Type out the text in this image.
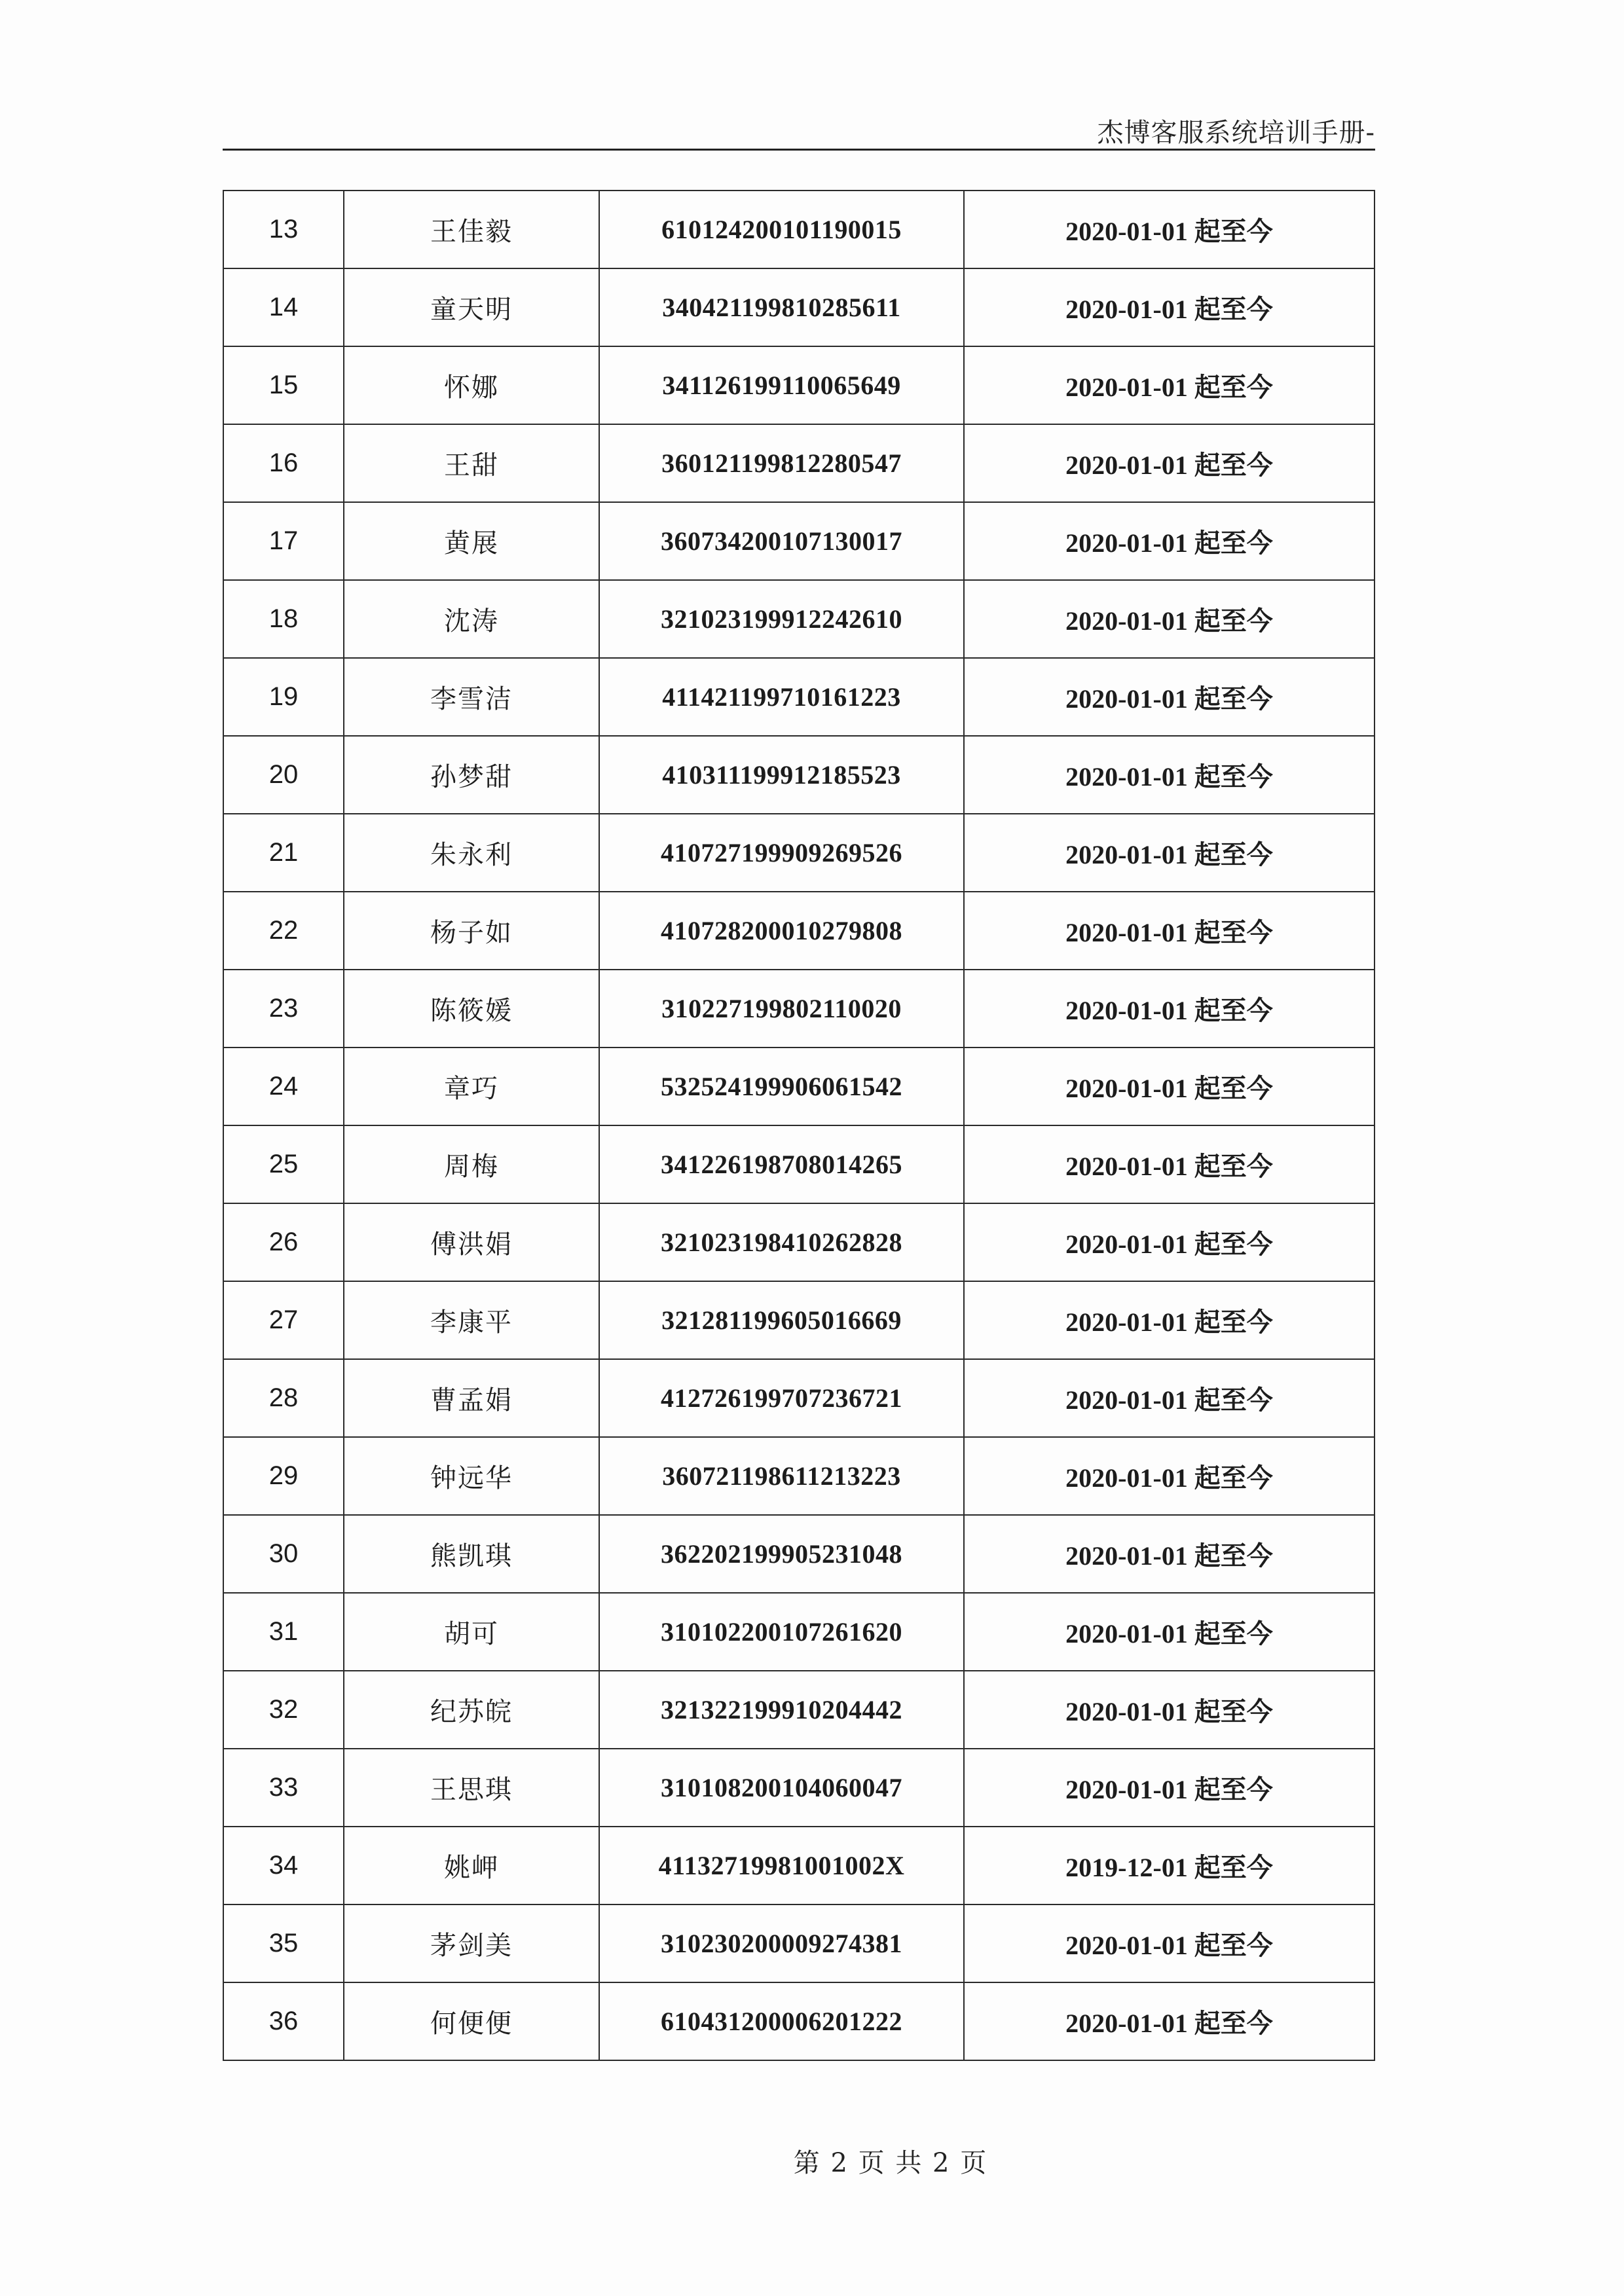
杰博客服系统培训手册-
13	王佳毅	610124200101190015	2020-01-01 起至今
14	童天明	340421199810285611	2020-01-01 起至今
15	怀娜	341126199110065649	2020-01-01 起至今
16	王甜	360121199812280547	2020-01-01 起至今
17	黄展	360734200107130017	2020-01-01 起至今
18	沈涛	321023199912242610	2020-01-01 起至今
19	李雪洁	411421199710161223	2020-01-01 起至今
20	孙梦甜	410311199912185523	2020-01-01 起至今
21	朱永利	410727199909269526	2020-01-01 起至今
22	杨子如	410728200010279808	2020-01-01 起至今
23	陈筱媛	310227199802110020	2020-01-01 起至今
24	章巧	532524199906061542	2020-01-01 起至今
25	周梅	341226198708014265	2020-01-01 起至今
26	傅洪娟	321023198410262828	2020-01-01 起至今
27	李康平	321281199605016669	2020-01-01 起至今
28	曹孟娟	412726199707236721	2020-01-01 起至今
29	钟远华	360721198611213223	2020-01-01 起至今
30	熊凯琪	362202199905231048	2020-01-01 起至今
31	胡可	310102200107261620	2020-01-01 起至今
32	纪苏皖	321322199910204442	2020-01-01 起至今
33	王思琪	310108200104060047	2020-01-01 起至今
34	姚岬	41132719981001002X	2019-12-01 起至今
35	茅剑美	310230200009274381	2020-01-01 起至今
36	何便便	610431200006201222	2020-01-01 起至今
第 2 页 共 2 页
